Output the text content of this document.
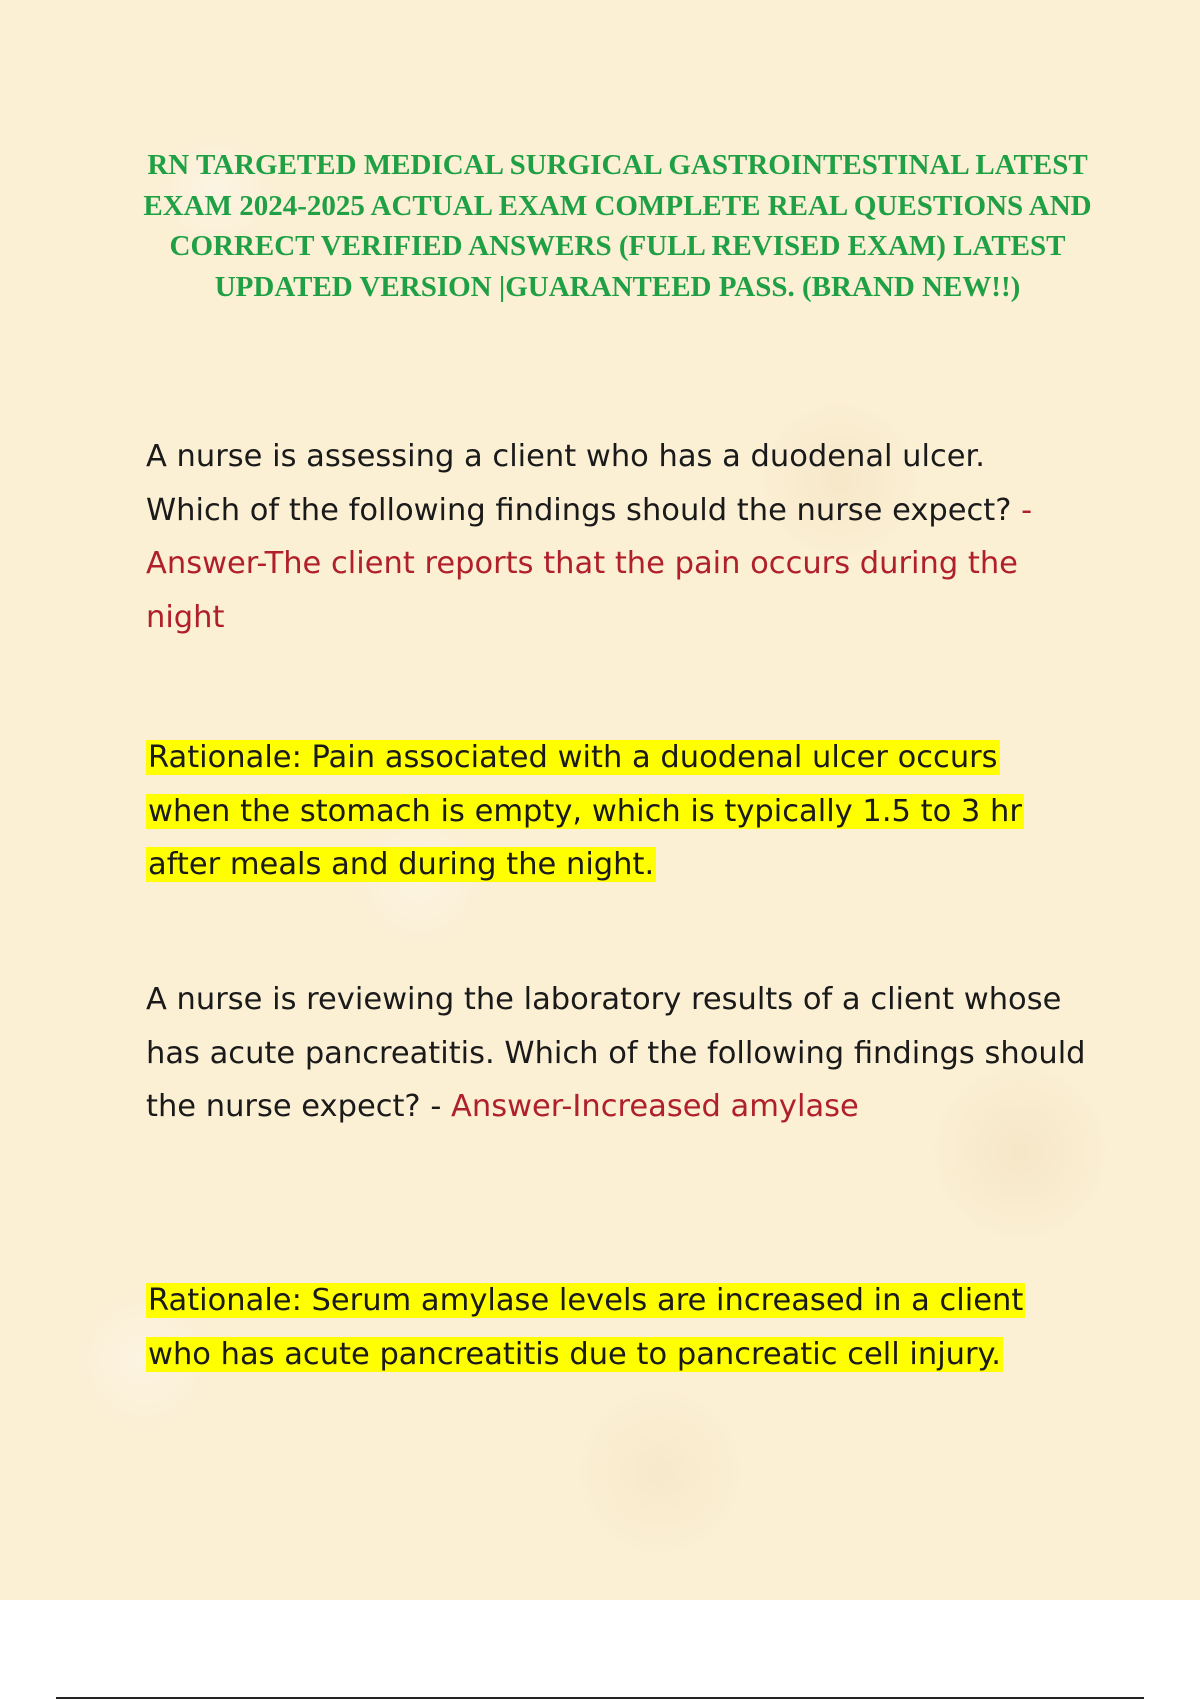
RN TARGETED MEDICAL SURGICAL GASTROINTESTINAL LATEST EXAM 2024-2025 ACTUAL EXAM COMPLETE REAL QUESTIONS AND CORRECT VERIFIED ANSWERS (FULL REVISED EXAM) LATEST UPDATED VERSION |GUARANTEED PASS. (BRAND NEW!!)

A nurse is assessing a client who has a duodenal ulcer. Which of the following findings should the nurse expect? - Answer-The client reports that the pain occurs during the night

Rationale: Pain associated with a duodenal ulcer occurs when the stomach is empty, which is typically 1.5 to 3 hr after meals and during the night.

A nurse is reviewing the laboratory results of a client whose has acute pancreatitis. Which of the following findings should the nurse expect? - Answer-Increased amylase

Rationale: Serum amylase levels are increased in a client who has acute pancreatitis due to pancreatic cell injury.
